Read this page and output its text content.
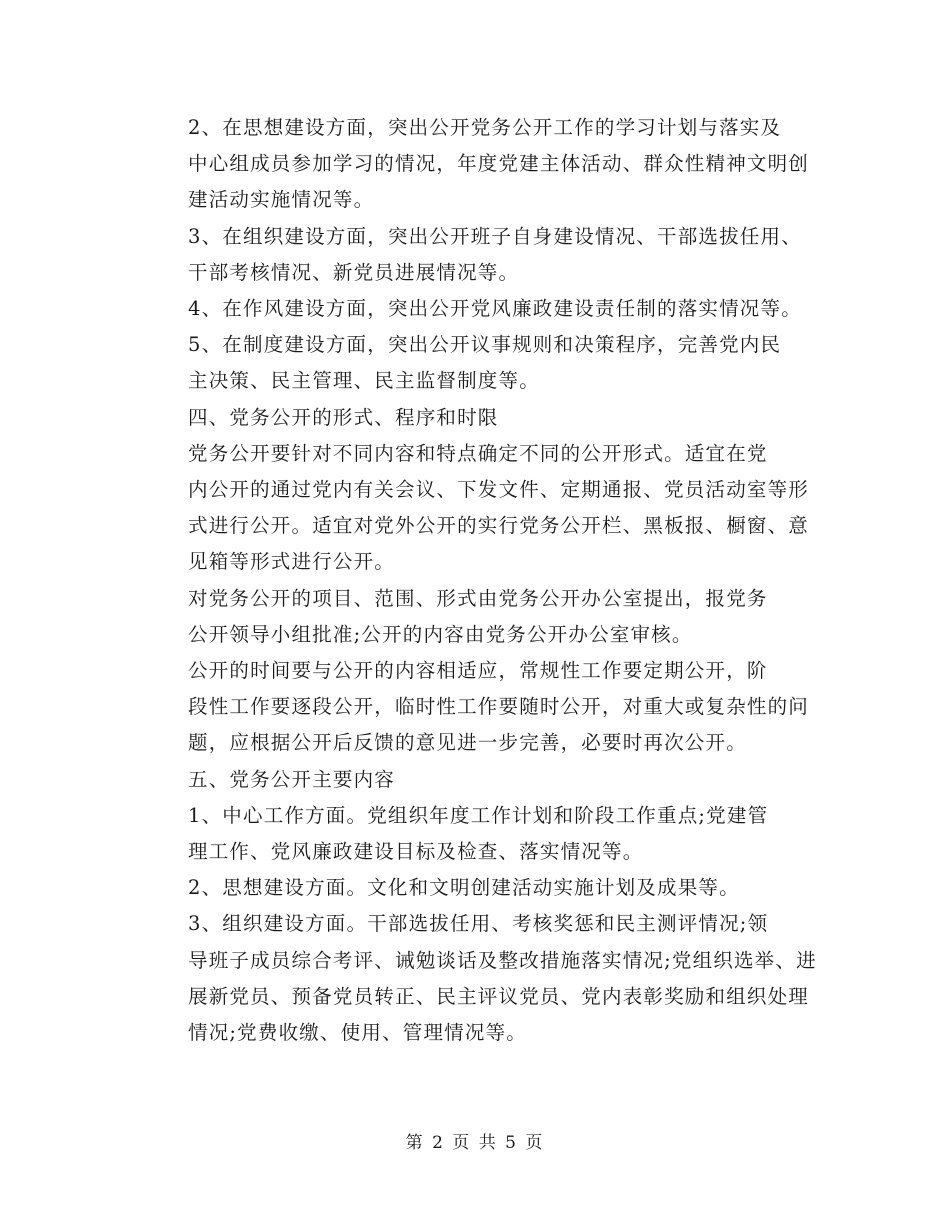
2、在思想建设方面，突出公开党务公开工作的学习计划与落实及
中心组成员参加学习的情况，年度党建主体活动、群众性精神文明创
建活动实施情况等。

3、在组织建设方面，突出公开班子自身建设情况、干部选拔任用、
干部考核情况、新党员进展情况等。

4、在作风建设方面，突出公开党风廉政建设责任制的落实情况等。

5、在制度建设方面，突出公开议事规则和决策程序，完善党内民
主决策、民主管理、民主监督制度等。

四、党务公开的形式、程序和时限

党务公开要针对不同内容和特点确定不同的公开形式。适宜在党
内公开的通过党内有关会议、下发文件、定期通报、党员活动室等形
式进行公开。适宜对党外公开的实行党务公开栏、黑板报、橱窗、意
见箱等形式进行公开。

对党务公开的项目、范围、形式由党务公开办公室提出，报党务
公开领导小组批准;公开的内容由党务公开办公室审核。

公开的时间要与公开的内容相适应，常规性工作要定期公开，阶
段性工作要逐段公开，临时性工作要随时公开，对重大或复杂性的问
题，应根据公开后反馈的意见进一步完善，必要时再次公开。

五、党务公开主要内容

1、中心工作方面。党组织年度工作计划和阶段工作重点;党建管
理工作、党风廉政建设目标及检查、落实情况等。

2、思想建设方面。文化和文明创建活动实施计划及成果等。

3、组织建设方面。干部选拔任用、考核奖惩和民主测评情况;领
导班子成员综合考评、诫勉谈话及整改措施落实情况;党组织选举、进
展新党员、预备党员转正、民主评议党员、党内表彰奖励和组织处理
情况;党费收缴、使用、管理情况等。

第 2 页 共 5 页
